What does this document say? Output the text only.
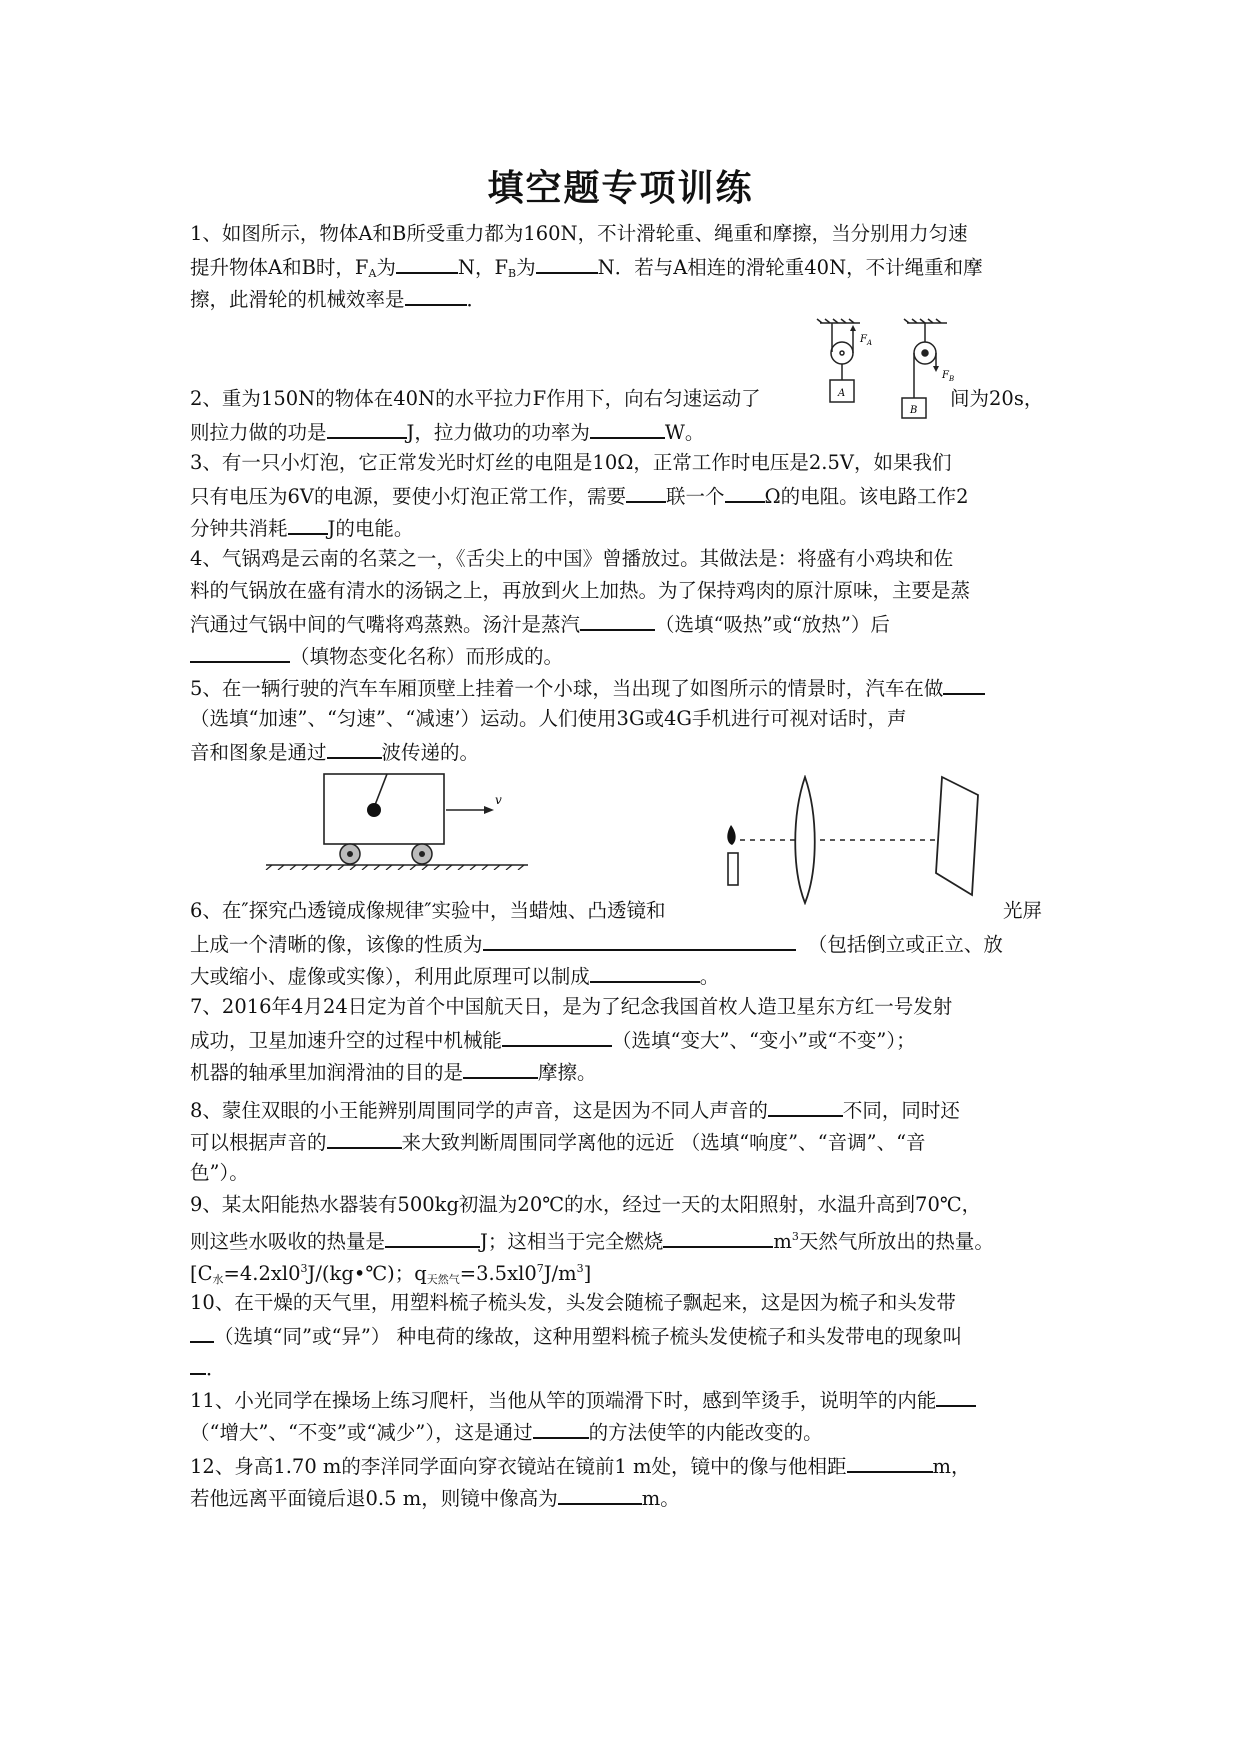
填空题专项训练
1、如图所示，物体A和B所受重力都为160N，不计滑轮重、绳重和摩擦，当分别用力匀速
提升物体A和B时，$F_A$为	N，$F_B$为	N．若与A相连的滑轮重40N，不计绳重和摩
擦，此滑轮的机械效率是	．
2、重为150N的物体在40N的水平拉力F作用下，向右匀速运动了	间为20s，
则拉力做的功是	J，拉力做功的功率为	W。
$F_A$
$F_B$
A
B
3、有一只小灯泡，它正常发光时灯丝的电阻是10Ω，正常工作时电压是2.5V，如果我们
只有电压为6V的电源，要使小灯泡正常工作，需要 联一个 Ω的电阻。该电路工作2
分钟共消耗 J的电能。
4、气锅鸡是云南的名菜之一，《舌尖上的中国》曾播放过。其做法是：将盛有小鸡块和佐
料的气锅放在盛有清水的汤锅之上，再放到火上加热。为了保持鸡肉的原汁原味，主要是蒸
汽通过气锅中间的气嘴将鸡蒸熟。汤汁是蒸汽	（选填“吸热”或“放热”）后
（填物态变化名称）而形成的。
5、在一辆行驶的汽车车厢顶壁上挂着一个小球，当出现了如图所示的情景时，汽车在做
（选填“加速”、“匀速”、“减速’）运动。人们使用3G或4G手机进行可视对话时，声
音和图象是通过	波传递的。
v
6、在″探究凸透镜成像规律″实验中，当蜡烛、凸透镜和	光屏
上成一个清晰的像，该像的性质为	（包括倒立或正立、放
大或缩小、虚像或实像），利用此原理可以制成	。
7、2016年4月24日定为首个中国航天日，是为了纪念我国首枚人造卫星东方红一号发射
成功，卫星加速升空的过程中机械能	（选填“变大”、“变小”或“不变”）；
机器的轴承里加润滑油的目的是	摩擦。
8、蒙住双眼的小王能辨别周围同学的声音，这是因为不同人声音的	不同，同时还
可以根据声音的	来大致判断周围同学离他的远近 （选填“响度”、“音调”、“音
色”）。
9、某太阳能热水器装有500kg初温为20℃的水，经过一天的太阳照射，水温升高到70℃，
则这些水吸收的热量是	J；这相当于完全燃烧	$m^3$天然气所放出的热量。
[$C_水=4.2xl0^3J/(kg•℃)$；$q_{天然气}=3.5xl0^7J/m^3$]
10、在干燥的天气里，用塑料梳子梳头发，头发会随梳子飘起来，这是因为梳子和头发带
（选填“同”或“异”） 种电荷的缘故，这种用塑料梳子梳头发使梳子和头发带电的现象叫
．
11、小光同学在操场上练习爬杆，当他从竿的顶端滑下时，感到竿烫手，说明竿的内能
（“增大”、“不变”或“减少”），这是通过	的方法使竿的内能改变的。
12、身高1.70 m的李洋同学面向穿衣镜站在镜前1 m处，镜中的像与他相距	m，
若他远离平面镜后退0.5 m，则镜中像高为	m。
